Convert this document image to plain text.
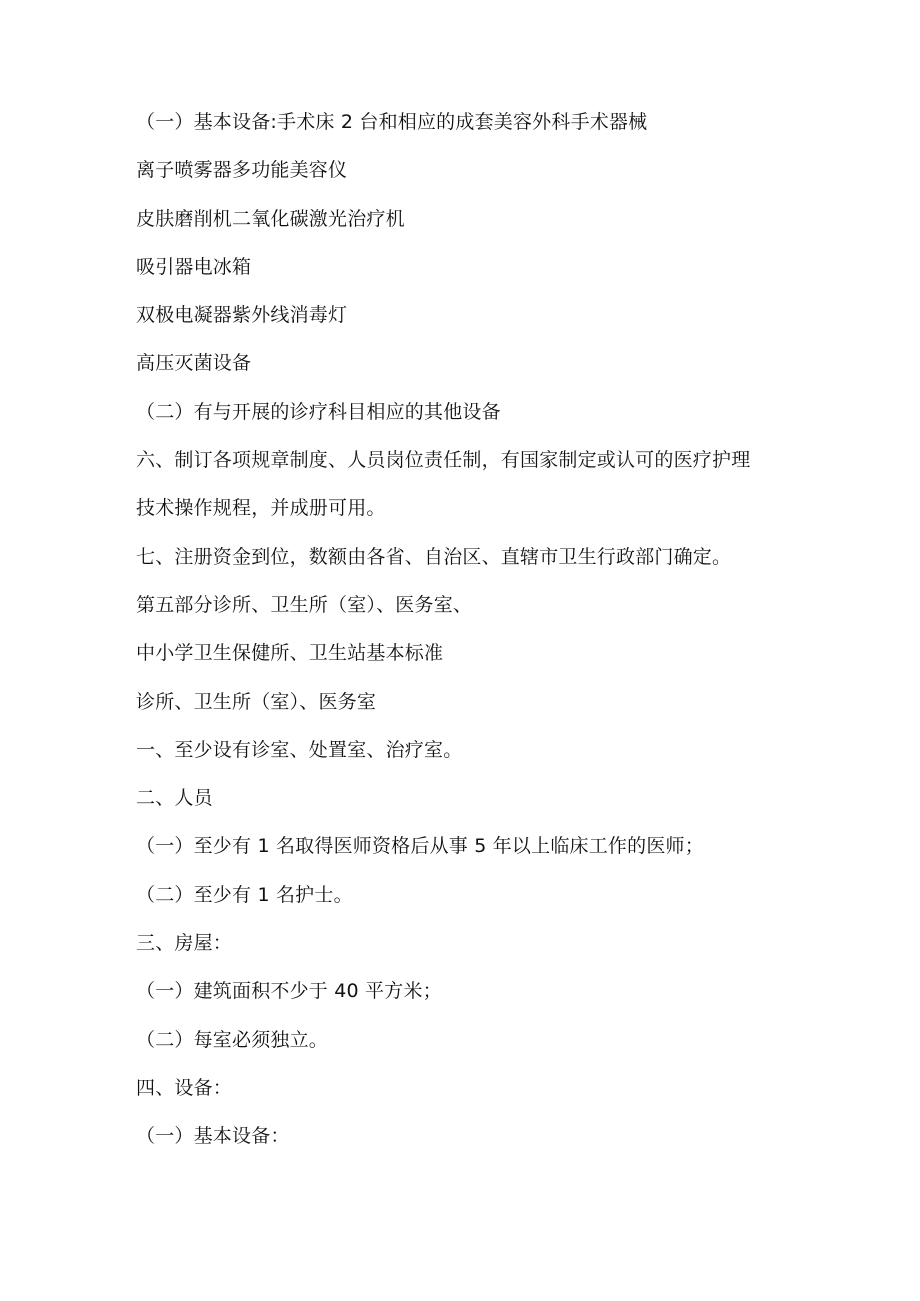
（一）基本设备:手术床 2 台和相应的成套美容外科手术器械
离子喷雾器多功能美容仪
皮肤磨削机二氧化碳激光治疗机
吸引器电冰箱
双极电凝器紫外线消毒灯
高压灭菌设备
（二）有与开展的诊疗科目相应的其他设备
六、制订各项规章制度、人员岗位责任制，有国家制定或认可的医疗护理
技术操作规程，并成册可用。
七、注册资金到位，数额由各省、自治区、直辖市卫生行政部门确定。
第五部分诊所、卫生所（室）、医务室、
中小学卫生保健所、卫生站基本标准
诊所、卫生所（室）、医务室
一、至少设有诊室、处置室、治疗室。
二、人员
（一）至少有 1 名取得医师资格后从事 5 年以上临床工作的医师；
（二）至少有 1 名护士。
三、房屋：
（一）建筑面积不少于 40 平方米；
（二）每室必须独立。
四、设备：
（一）基本设备：
